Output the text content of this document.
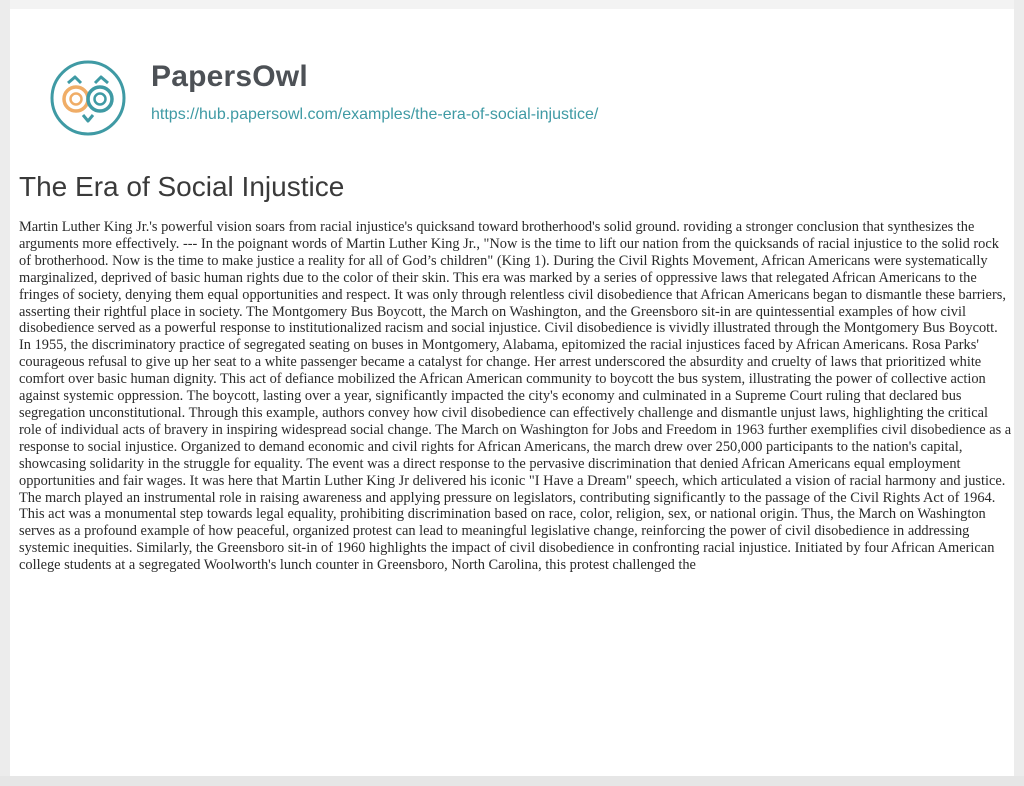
PapersOwl
https://hub.papersowl.com/examples/the-era-of-social-injustice/
The Era of Social Injustice

Martin Luther King Jr.'s powerful vision soars from racial injustice's quicksand toward brotherhood's solid ground. roviding a stronger conclusion that synthesizes the arguments more effectively. --- In the poignant words of Martin Luther King Jr., "Now is the time to lift our nation from the quicksands of racial injustice to the solid rock of brotherhood. Now is the time to make justice a reality for all of God’s children" (King 1). During the Civil Rights Movement, African Americans were systematically marginalized, deprived of basic human rights due to the color of their skin. This era was marked by a series of oppressive laws that relegated African Americans to the fringes of society, denying them equal opportunities and respect. It was only through relentless civil disobedience that African Americans began to dismantle these barriers, asserting their rightful place in society. The Montgomery Bus Boycott, the March on Washington, and the Greensboro sit-in are quintessential examples of how civil disobedience served as a powerful response to institutionalized racism and social injustice. Civil disobedience is vividly illustrated through the Montgomery Bus Boycott. In 1955, the discriminatory practice of segregated seating on buses in Montgomery, Alabama, epitomized the racial injustices faced by African Americans. Rosa Parks' courageous refusal to give up her seat to a white passenger became a catalyst for change. Her arrest underscored the absurdity and cruelty of laws that prioritized white comfort over basic human dignity. This act of defiance mobilized the African American community to boycott the bus system, illustrating the power of collective action against systemic oppression. The boycott, lasting over a year, significantly impacted the city's economy and culminated in a Supreme Court ruling that declared bus segregation unconstitutional. Through this example, authors convey how civil disobedience can effectively challenge and dismantle unjust laws, highlighting the critical role of individual acts of bravery in inspiring widespread social change. The March on Washington for Jobs and Freedom in 1963 further exemplifies civil disobedience as a response to social injustice. Organized to demand economic and civil rights for African Americans, the march drew over 250,000 participants to the nation's capital, showcasing solidarity in the struggle for equality. The event was a direct response to the pervasive discrimination that denied African Americans equal employment opportunities and fair wages. It was here that Martin Luther King Jr delivered his iconic "I Have a Dream" speech, which articulated a vision of racial harmony and justice. The march played an instrumental role in raising awareness and applying pressure on legislators, contributing significantly to the passage of the Civil Rights Act of 1964. This act was a monumental step towards legal equality, prohibiting discrimination based on race, color, religion, sex, or national origin. Thus, the March on Washington serves as a profound example of how peaceful, organized protest can lead to meaningful legislative change, reinforcing the power of civil disobedience in addressing systemic inequities. Similarly, the Greensboro sit-in of 1960 highlights the impact of civil disobedience in confronting racial injustice. Initiated by four African American college students at a segregated Woolworth's lunch counter in Greensboro, North Carolina, this protest challenged the
